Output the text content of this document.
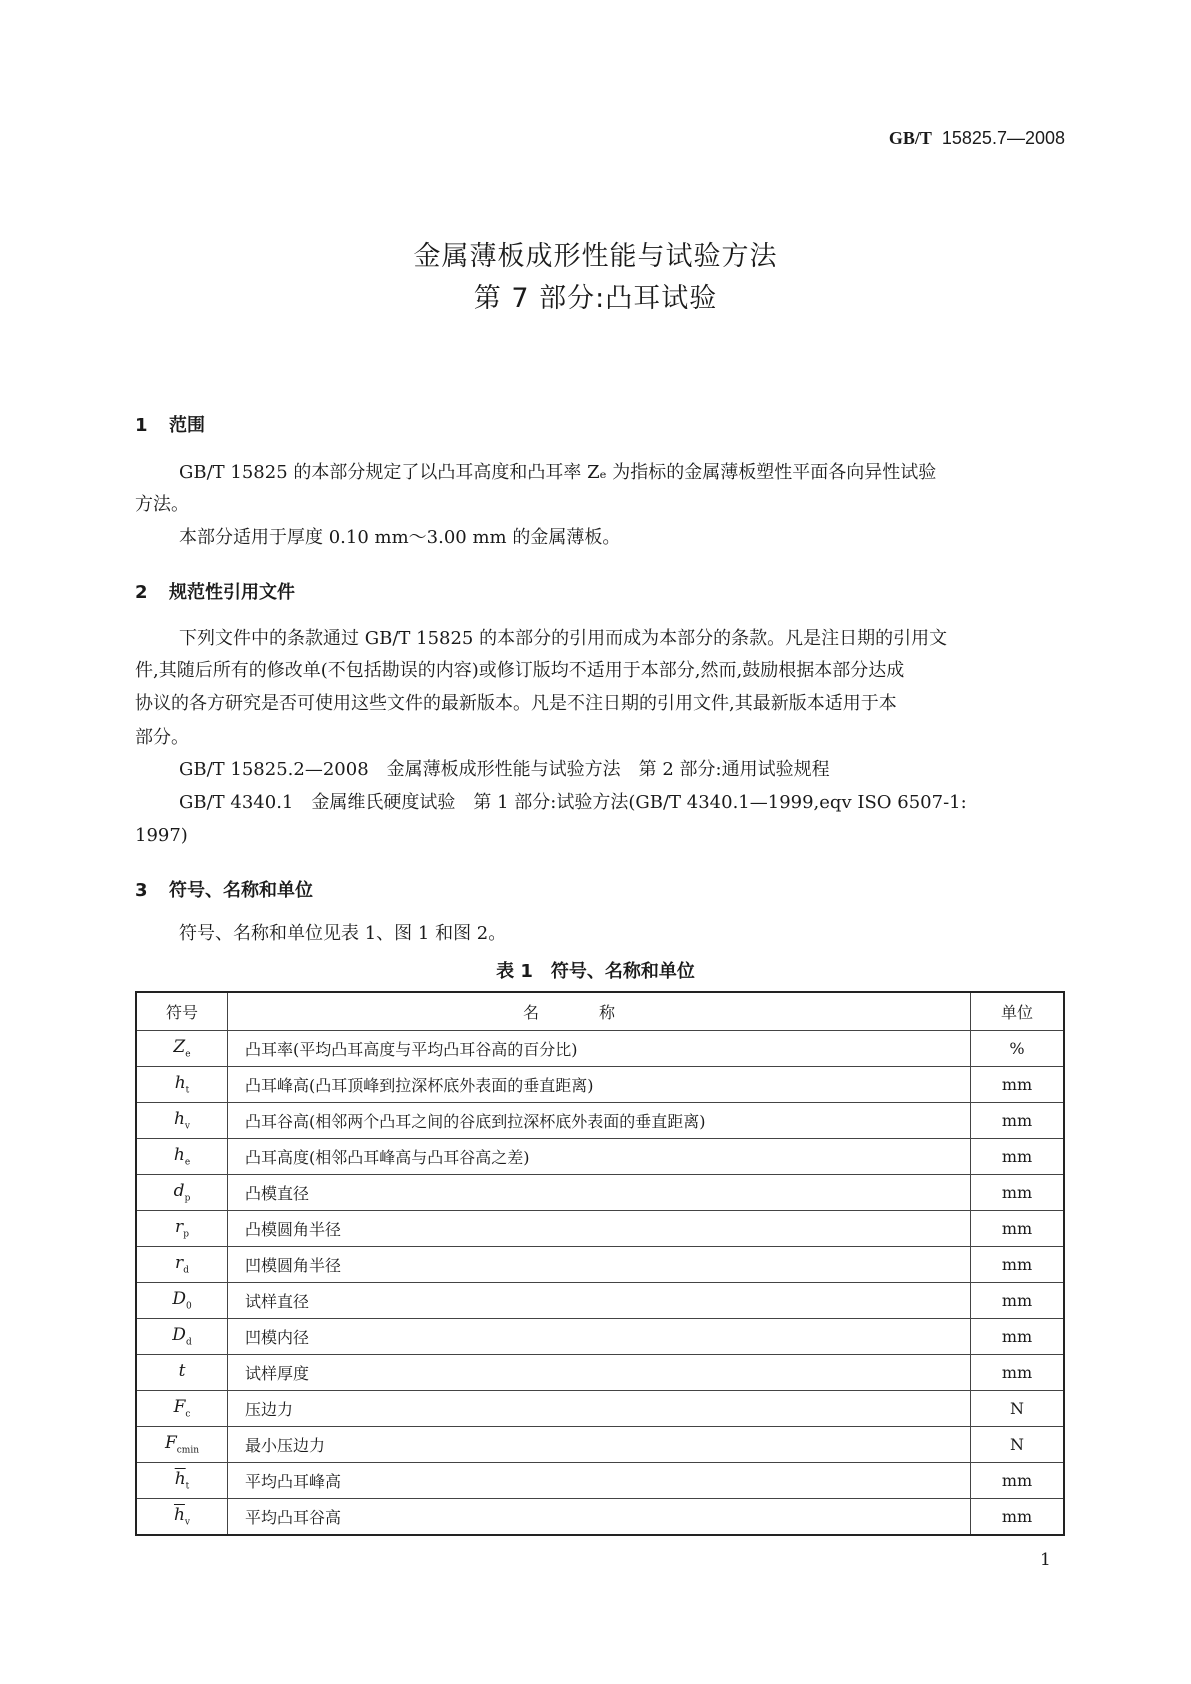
GB/T 15825.7—2008
金属薄板成形性能与试验方法
第 7 部分:凸耳试验
1 范围
GB/T 15825 的本部分规定了以凸耳高度和凸耳率 Zₑ 为指标的金属薄板塑性平面各向异性试验
方法。
本部分适用于厚度 0.10 mm～3.00 mm 的金属薄板。
2 规范性引用文件
下列文件中的条款通过 GB/T 15825 的本部分的引用而成为本部分的条款。凡是注日期的引用文
件,其随后所有的修改单(不包括勘误的内容)或修订版均不适用于本部分,然而,鼓励根据本部分达成
协议的各方研究是否可使用这些文件的最新版本。凡是不注日期的引用文件,其最新版本适用于本
部分。
GB/T 15825.2—2008　金属薄板成形性能与试验方法　第 2 部分:通用试验规程
GB/T 4340.1　金属维氏硬度试验　第 1 部分:试验方法(GB/T 4340.1—1999,eqv ISO 6507-1:
1997)
3 符号、名称和单位
符号、名称和单位见表 1、图 1 和图 2。
表 1　符号、名称和单位
符号	名称	单位
$Z_e$	凸耳率(平均凸耳高度与平均凸耳谷高的百分比)	%
$h_t$	凸耳峰高(凸耳顶峰到拉深杯底外表面的垂直距离)	mm
$h_v$	凸耳谷高(相邻两个凸耳之间的谷底到拉深杯底外表面的垂直距离)	mm
$h_e$	凸耳高度(相邻凸耳峰高与凸耳谷高之差)	mm
$d_p$	凸模直径	mm
$r_p$	凸模圆角半径	mm
$r_d$	凹模圆角半径	mm
$D_0$	试样直径	mm
$D_d$	凹模内径	mm
t	试样厚度	mm
$F_c$	压边力	N
$F_{cmin}$	最小压边力	N
$\overline{h}_t$	平均凸耳峰高	mm
$\overline{h}_v$	平均凸耳谷高	mm
1
